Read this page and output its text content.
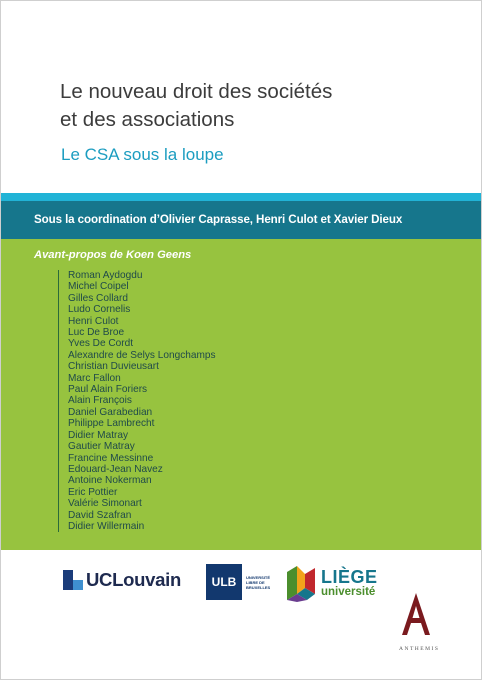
Le nouveau droit des sociétés
et des associations
Le CSA sous la loupe
Sous la coordination d’Olivier Caprasse, Henri Culot et Xavier Dieux
Avant-propos de Koen Geens
Roman Aydogdu
Michel Coipel
Gilles Collard
Ludo Cornelis
Henri Culot
Luc De Broe
Yves De Cordt
Alexandre de Selys Longchamps
Christian Duvieusart
Marc Fallon
Paul Alain Foriers
Alain François
Daniel Garabedian
Philippe Lambrecht
Didier Matray
Gautier Matray
Francine Messinne
Edouard-Jean Navez
Antoine Nokerman
Eric Pottier
Valérie Simonart
David Szafran
Didier Willermain
UCLouvain	ULB	UNIVERSITÉ LIBRE DE BRUXELLES	LIÈGE
université
ANTHEMIS
